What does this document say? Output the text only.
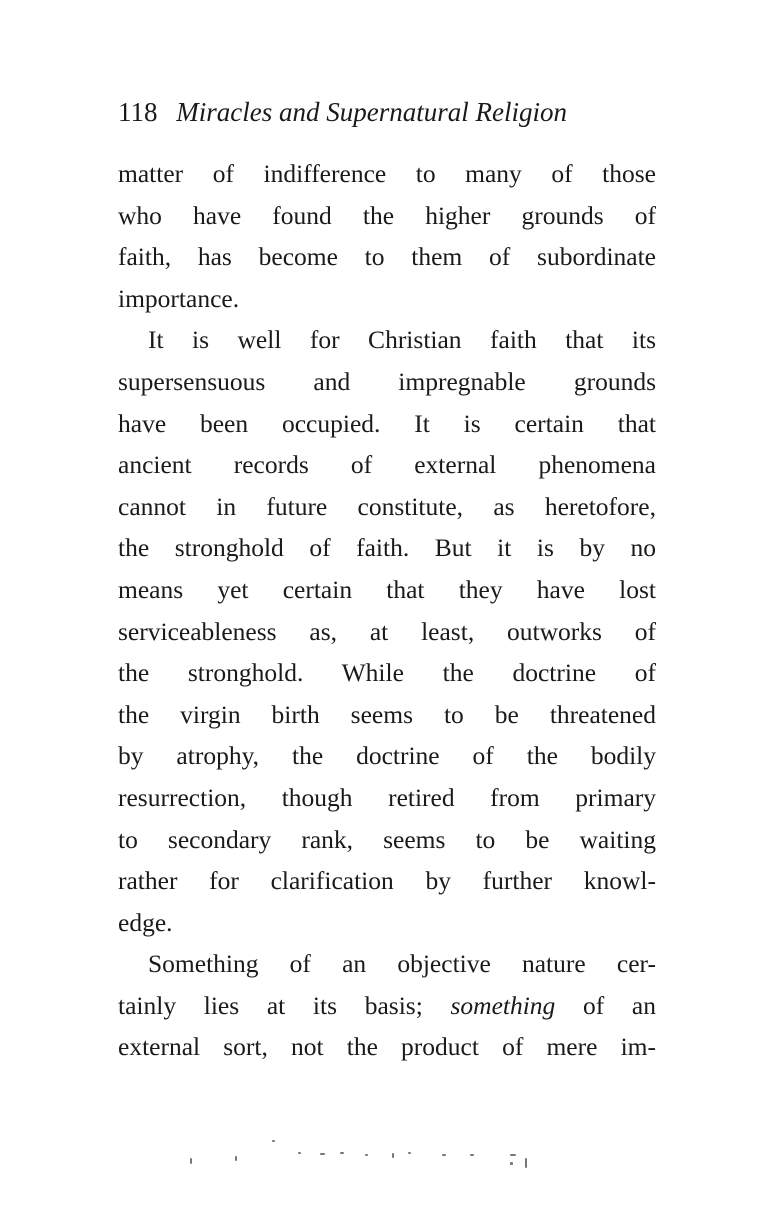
118 Miracles and Supernatural Religion
matter of indifference to many of those
who have found the higher grounds of
faith, has become to them of subordinate
importance.
It is well for Christian faith that its
supersensuous and impregnable grounds
have been occupied. It is certain that
ancient records of external phenomena
cannot in future constitute, as heretofore,
the stronghold of faith. But it is by no
means yet certain that they have lost
serviceableness as, at least, outworks of
the stronghold. While the doctrine of
the virgin birth seems to be threatened
by atrophy, the doctrine of the bodily
resurrection, though retired from primary
to secondary rank, seems to be waiting
rather for clarification by further knowl-
edge.
Something of an objective nature cer-
tainly lies at its basis; something of an
external sort, not the product of mere im-
